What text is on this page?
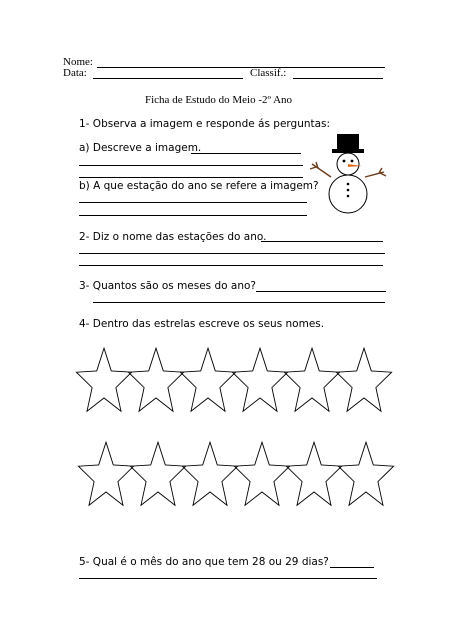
Nome:
Data:	Classif.:
Ficha de Estudo do Meio -2º Ano
1- Observa a imagem e responde ás perguntas:
a) Descreve a imagem.
b) A que estação do ano se refere a imagem?
2- Diz o nome das estações do ano.
3- Quantos são os meses do ano?
4- Dentro das estrelas escreve os seus nomes.
5- Qual é o mês do ano que tem 28 ou 29 dias?
